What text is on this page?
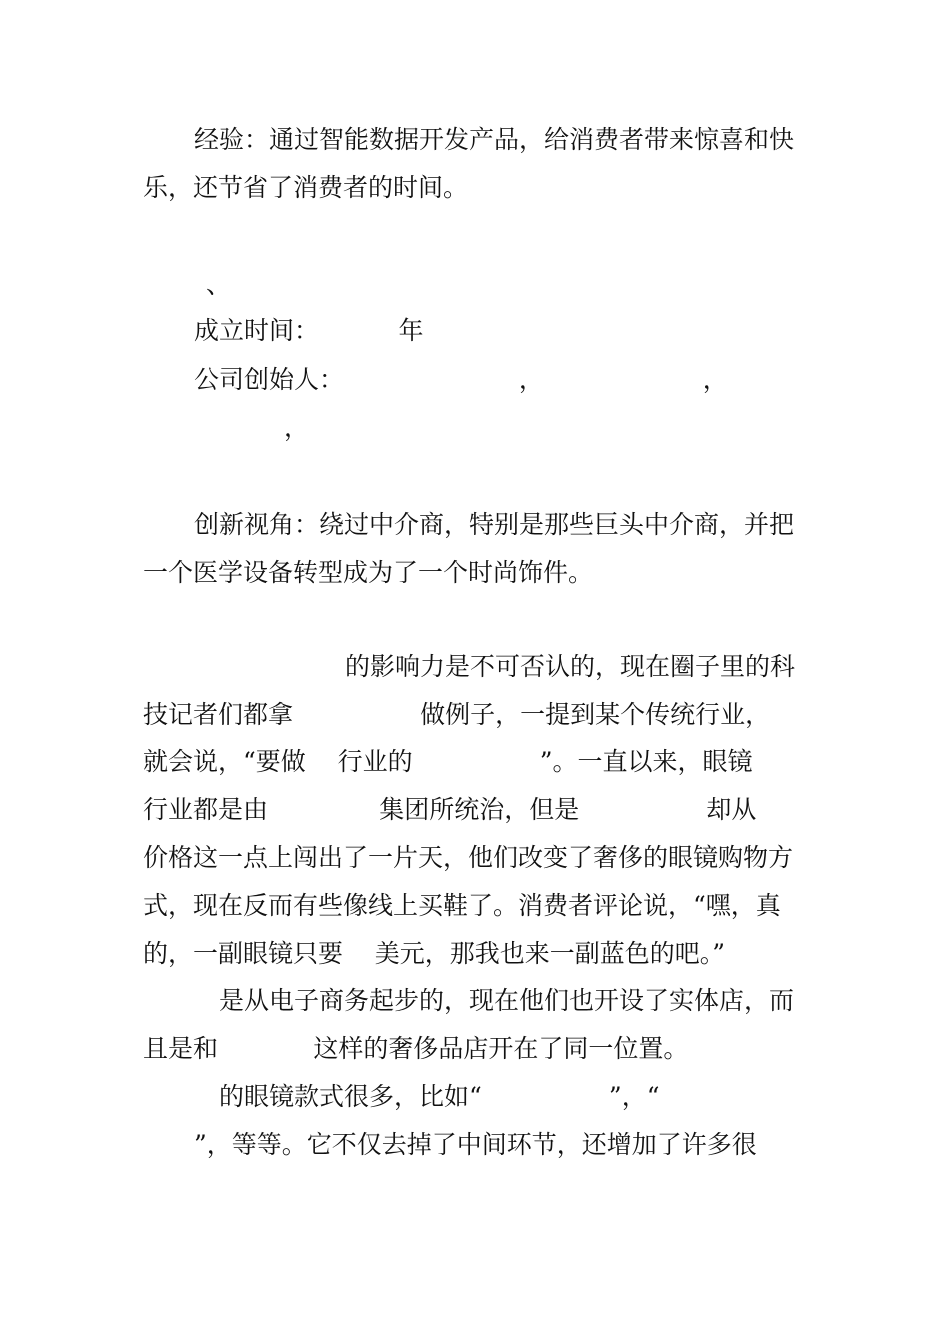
经验：通过智能数据开发产品，给消费者带来惊喜和快

乐，还节省了消费者的时间。

、

成立时间：          年

公司创始人：                      ，                    ，

，

创新视角：绕过中介商，特别是那些巨头中介商，并把

一个医学设备转型成为了一个时尚饰件。

的影响力是不可否认的，现在圈子里的科

技记者们都拿                做例子，一提到某个传统行业，

就会说，“要做    行业的                ”。一直以来，眼镜

行业都是由              集团所统治，但是                却从

价格这一点上闯出了一片天，他们改变了奢侈的眼镜购物方

式，现在反而有些像线上买鞋了。消费者评论说，“嘿，真

的，一副眼镜只要    美元，那我也来一副蓝色的吧。”

是从电子商务起步的，现在他们也开设了实体店，而

且是和            这样的奢侈品店开在了同一位置。

的眼镜款式很多，比如“                ”，“

”，等等。它不仅去掉了中间环节，还增加了许多很
